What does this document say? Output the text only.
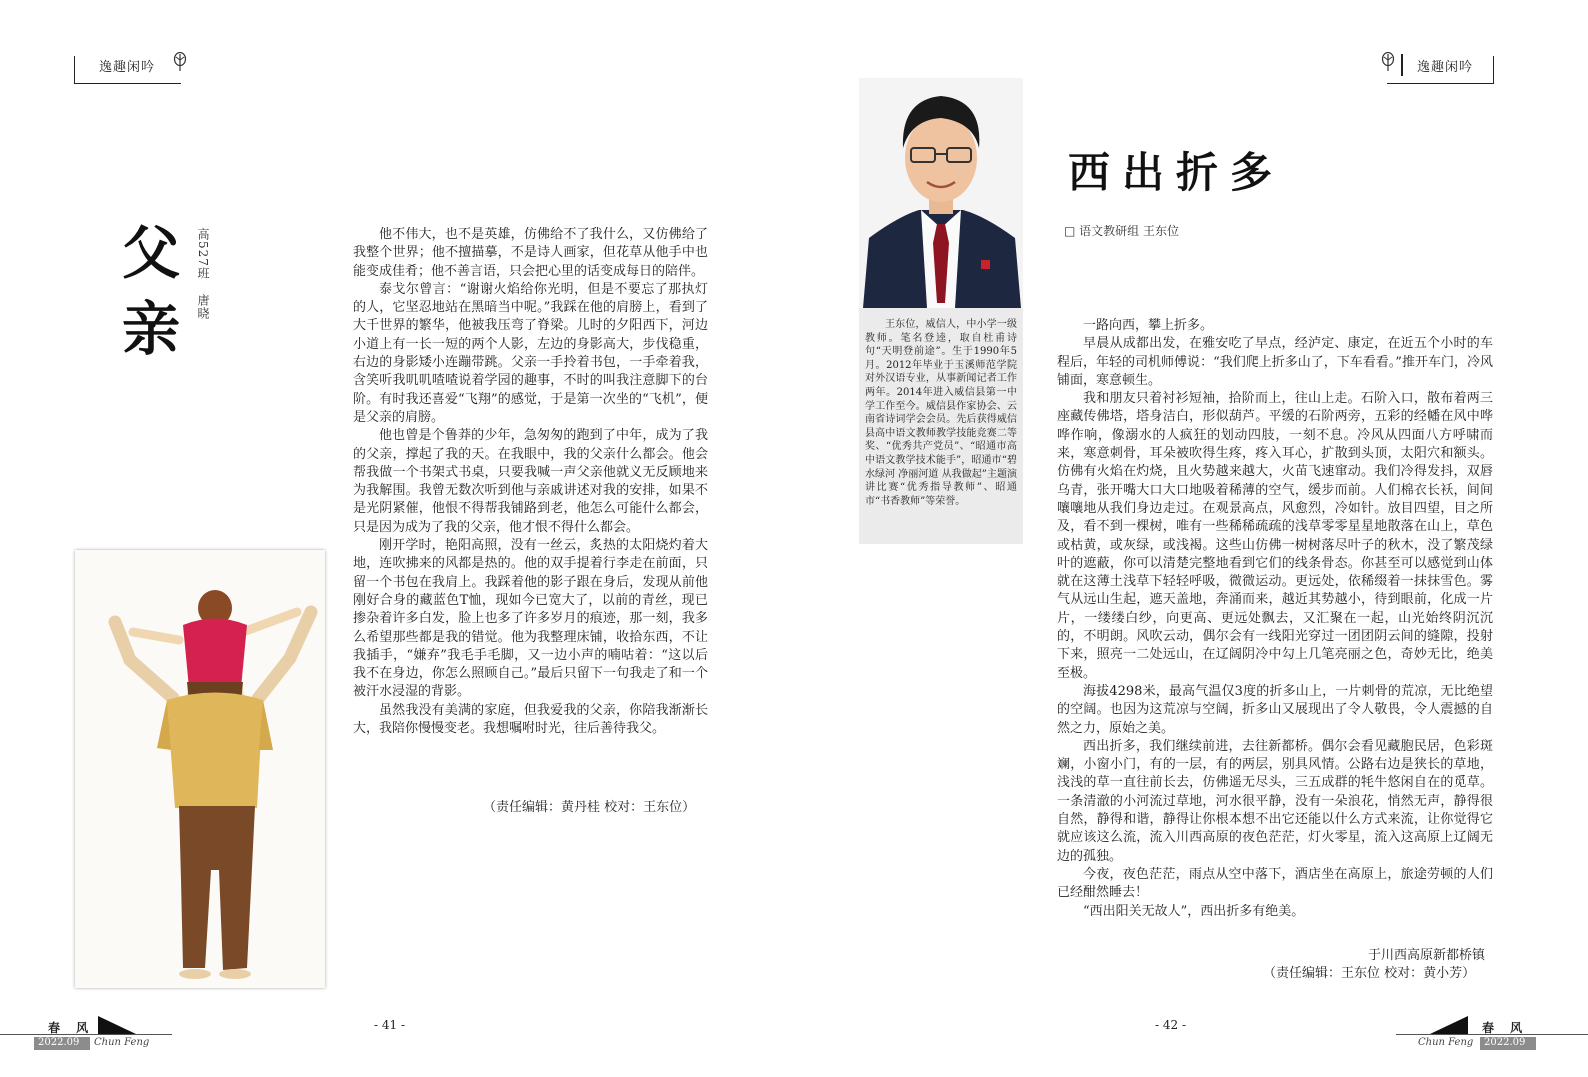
逸趣闲吟
父
亲
高527班
唐晓

他不伟大，也不是英雄，仿佛给不了我什么，又仿佛给了我整个世界；他不擅描摹，不是诗人画家，但花草从他手中也能变成佳肴；他不善言语，只会把心里的话变成每日的陪伴。

泰戈尔曾言：“谢谢火焰给你光明，但是不要忘了那执灯的人，它坚忍地站在黑暗当中呢。”我踩在他的肩膀上，看到了大千世界的繁华，他被我压弯了脊梁。儿时的夕阳西下，河边小道上有一长一短的两个人影，左边的身影高大，步伐稳重，右边的身影矮小连蹦带跳。父亲一手拎着书包，一手牵着我，含笑听我叽叽喳喳说着学园的趣事，不时的叫我注意脚下的台阶。有时我还喜爱“飞翔”的感觉，于是第一次坐的“飞机”，便是父亲的肩膀。

他也曾是个鲁莽的少年，急匆匆的跑到了中年，成为了我的父亲，撑起了我的天。在我眼中，我的父亲什么都会。他会帮我做一个书架式书桌，只要我喊一声父亲他就义无反顾地来为我解围。我曾无数次听到他与亲戚讲述对我的安排，如果不是光阴紧催，他恨不得帮我铺路到老，他怎么可能什么都会，只是因为成为了我的父亲，他才恨不得什么都会。

刚开学时，艳阳高照，没有一丝云，炙热的太阳烧灼着大地，连吹拂来的风都是热的。他的双手提着行李走在前面，只留一个书包在我肩上。我踩着他的影子跟在身后，发现从前他刚好合身的藏蓝色T恤，现如今已宽大了，以前的青丝，现已掺杂着许多白发，脸上也多了许多岁月的痕迹，那一刻，我多么希望那些都是我的错觉。他为我整理床铺，收拾东西，不让我插手，“嫌弃”我毛手毛脚，又一边小声的喃咕着：“这以后我不在身边，你怎么照顾自己。”最后只留下一句我走了和一个被汗水浸湿的背影。

虽然我没有美满的家庭，但我爱我的父亲，你陪我渐渐长大，我陪你慢慢变老。我想嘱咐时光，往后善待我父。

（责任编辑：黄丹桂 校对：王东位）
春 风
2022.09 Chun Feng
- 41 -
逸趣闲吟

王东位，威信人，中小学一级教师。笔名登逵，取自杜甫诗句“天明登前途”。生于1990年5月。2012年毕业于玉溪师范学院对外汉语专业，从事新闻记者工作两年。2014年进入威信县第一中学工作至今。威信县作家协会、云南省诗词学会会员。先后获得威信县高中语文教师教学技能竞赛二等奖、“优秀共产党员”、“昭通市高中语文教学技术能手”，昭通市“碧水绿河 净丽河道 从我做起”主题演讲比赛“优秀指导教师”、昭通市“书香教师”等荣誉。

西出折多
□ 语文教研组 王东位

一路向西，攀上折多。

早晨从成都出发，在雅安吃了早点，经泸定、康定，在近五个小时的车程后，年轻的司机师傅说：“我们爬上折多山了，下车看看。”推开车门，冷风铺面，寒意顿生。

我和朋友只着衬衫短袖，拾阶而上，往山上走。石阶入口，散布着两三座藏传佛塔，塔身洁白，形似葫芦。平缓的石阶两旁，五彩的经幡在风中哗哗作响，像溺水的人疯狂的划动四肢，一刻不息。冷风从四面八方呼啸而来，寒意刺骨，耳朵被吹得生疼，疼入耳心，扩散到头顶，太阳穴和额头。仿佛有火焰在灼烧，且火势越来越大，火苗飞速窜动。我们冷得发抖，双唇乌青，张开嘴大口大口地吸着稀薄的空气，缓步而前。人们棉衣长袄，间间嚷嚷地从我们身边走过。在观景高点，风愈烈，冷如针。放目四望，目之所及，看不到一棵树，唯有一些稀稀疏疏的浅草零零星星地散落在山上，草色或枯黄，或灰绿，或浅褐。这些山仿佛一树树落尽叶子的秋木，没了繁茂绿叶的遮蔽，你可以清楚完整地看到它们的线条骨态。你甚至可以感觉到山体就在这薄土浅草下轻轻呼吸，微微运动。更远处，依稀缀着一抹抹雪色。雾气从远山生起，遮天盖地，奔涌而来，越近其势越小，待到眼前，化成一片片，一缕缕白纱，向更高、更远处飘去，又汇聚在一起，山光始终阴沉沉的，不明朗。风吹云动，偶尔会有一线阳光穿过一团团阴云间的缝隙，投射下来，照亮一二处远山，在辽阔阴冷中勾上几笔亮丽之色，奇妙无比，绝美至极。

海拔4298米，最高气温仅3度的折多山上，一片刺骨的荒凉，无比绝望的空阔。也因为这荒凉与空阔，折多山又展现出了令人敬畏，令人震撼的自然之力，原始之美。

西出折多，我们继续前进，去往新都桥。偶尔会看见藏胞民居，色彩斑斓，小窗小门，有的一层，有的两层，别具风情。公路右边是狭长的草地，浅浅的草一直往前长去，仿佛遥无尽头，三五成群的牦牛悠闲自在的觅草。一条清澈的小河流过草地，河水很平静，没有一朵浪花，悄然无声，静得很自然，静得和谐，静得让你根本想不出它还能以什么方式来流，让你觉得它就应该这么流，流入川西高原的夜色茫茫，灯火零星，流入这高原上辽阔无边的孤独。

今夜，夜色茫茫，雨点从空中落下，酒店坐在高原上，旅途劳顿的人们已经酣然睡去！

“西出阳关无故人”，西出折多有绝美。

于川西高原新都桥镇
（责任编辑：王东位 校对：黄小芳）
- 42 -	春 风
Chun Feng 2022.09
